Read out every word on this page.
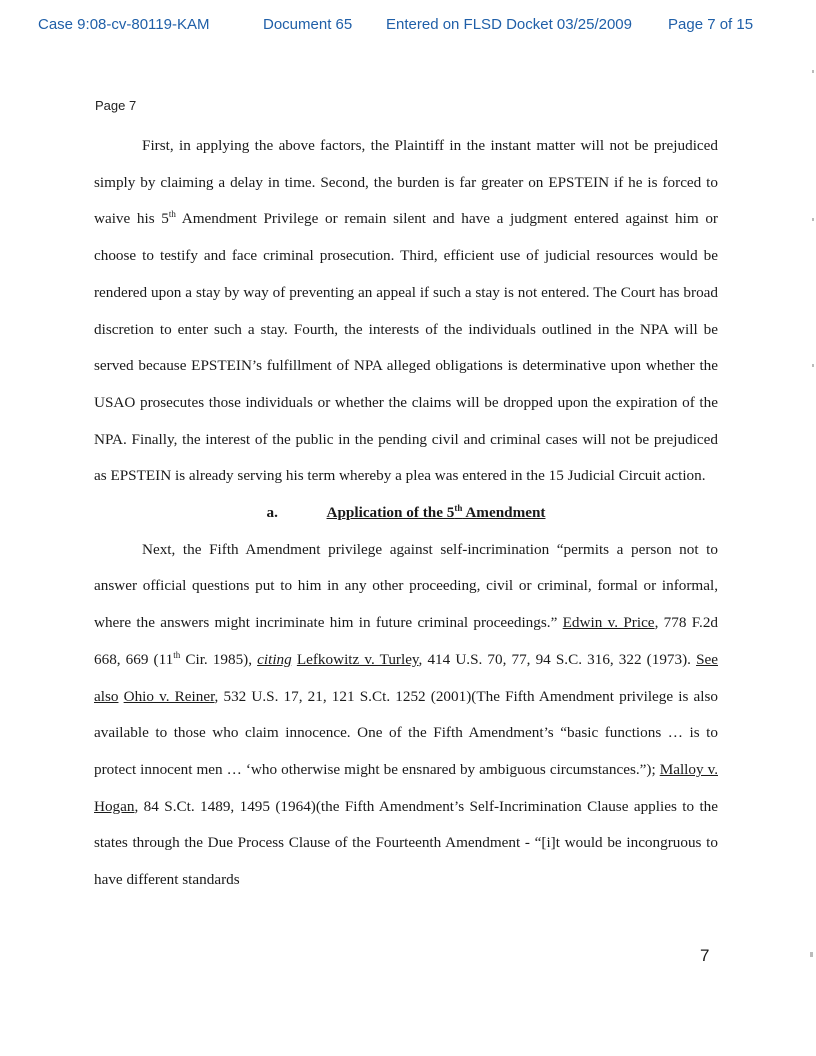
Case 9:08-cv-80119-KAM	Document 65 Entered on FLSD Docket 03/25/2009 Page 7 of 15
Page 7

First, in applying the above factors, the Plaintiff in the instant matter will not be prejudiced simply by claiming a delay in time. Second, the burden is far greater on EPSTEIN if he is forced to waive his 5th Amendment Privilege or remain silent and have a judgment entered against him or choose to testify and face criminal prosecution. Third, efficient use of judicial resources would be rendered upon a stay by way of preventing an appeal if such a stay is not entered. The Court has broad discretion to enter such a stay. Fourth, the interests of the individuals outlined in the NPA will be served because EPSTEIN’s fulfillment of NPA alleged obligations is determinative upon whether the USAO prosecutes those individuals or whether the claims will be dropped upon the expiration of the NPA. Finally, the interest of the public in the pending civil and criminal cases will not be prejudiced as EPSTEIN is already serving his term whereby a plea was entered in the 15 Judicial Circuit action.

a.	Application of the 5th Amendment

Next, the Fifth Amendment privilege against self-incrimination “permits a person not to answer official questions put to him in any other proceeding, civil or criminal, formal or informal, where the answers might incriminate him in future criminal proceedings.” Edwin v. Price, 778 F.2d 668, 669 (11th Cir. 1985), citing Lefkowitz v. Turley, 414 U.S. 70, 77, 94 S.C. 316, 322 (1973). See also Ohio v. Reiner, 532 U.S. 17, 21, 121 S.Ct. 1252 (2001)(The Fifth Amendment privilege is also available to those who claim innocence. One of the Fifth Amendment’s “basic functions … is to protect innocent men … ‘who otherwise might be ensnared by ambiguous circumstances.”); Malloy v. Hogan, 84 S.Ct. 1489, 1495 (1964)(the Fifth Amendment’s Self-Incrimination Clause applies to the states through the Due Process Clause of the Fourteenth Amendment - “[i]t would be incongruous to have different standards

7
